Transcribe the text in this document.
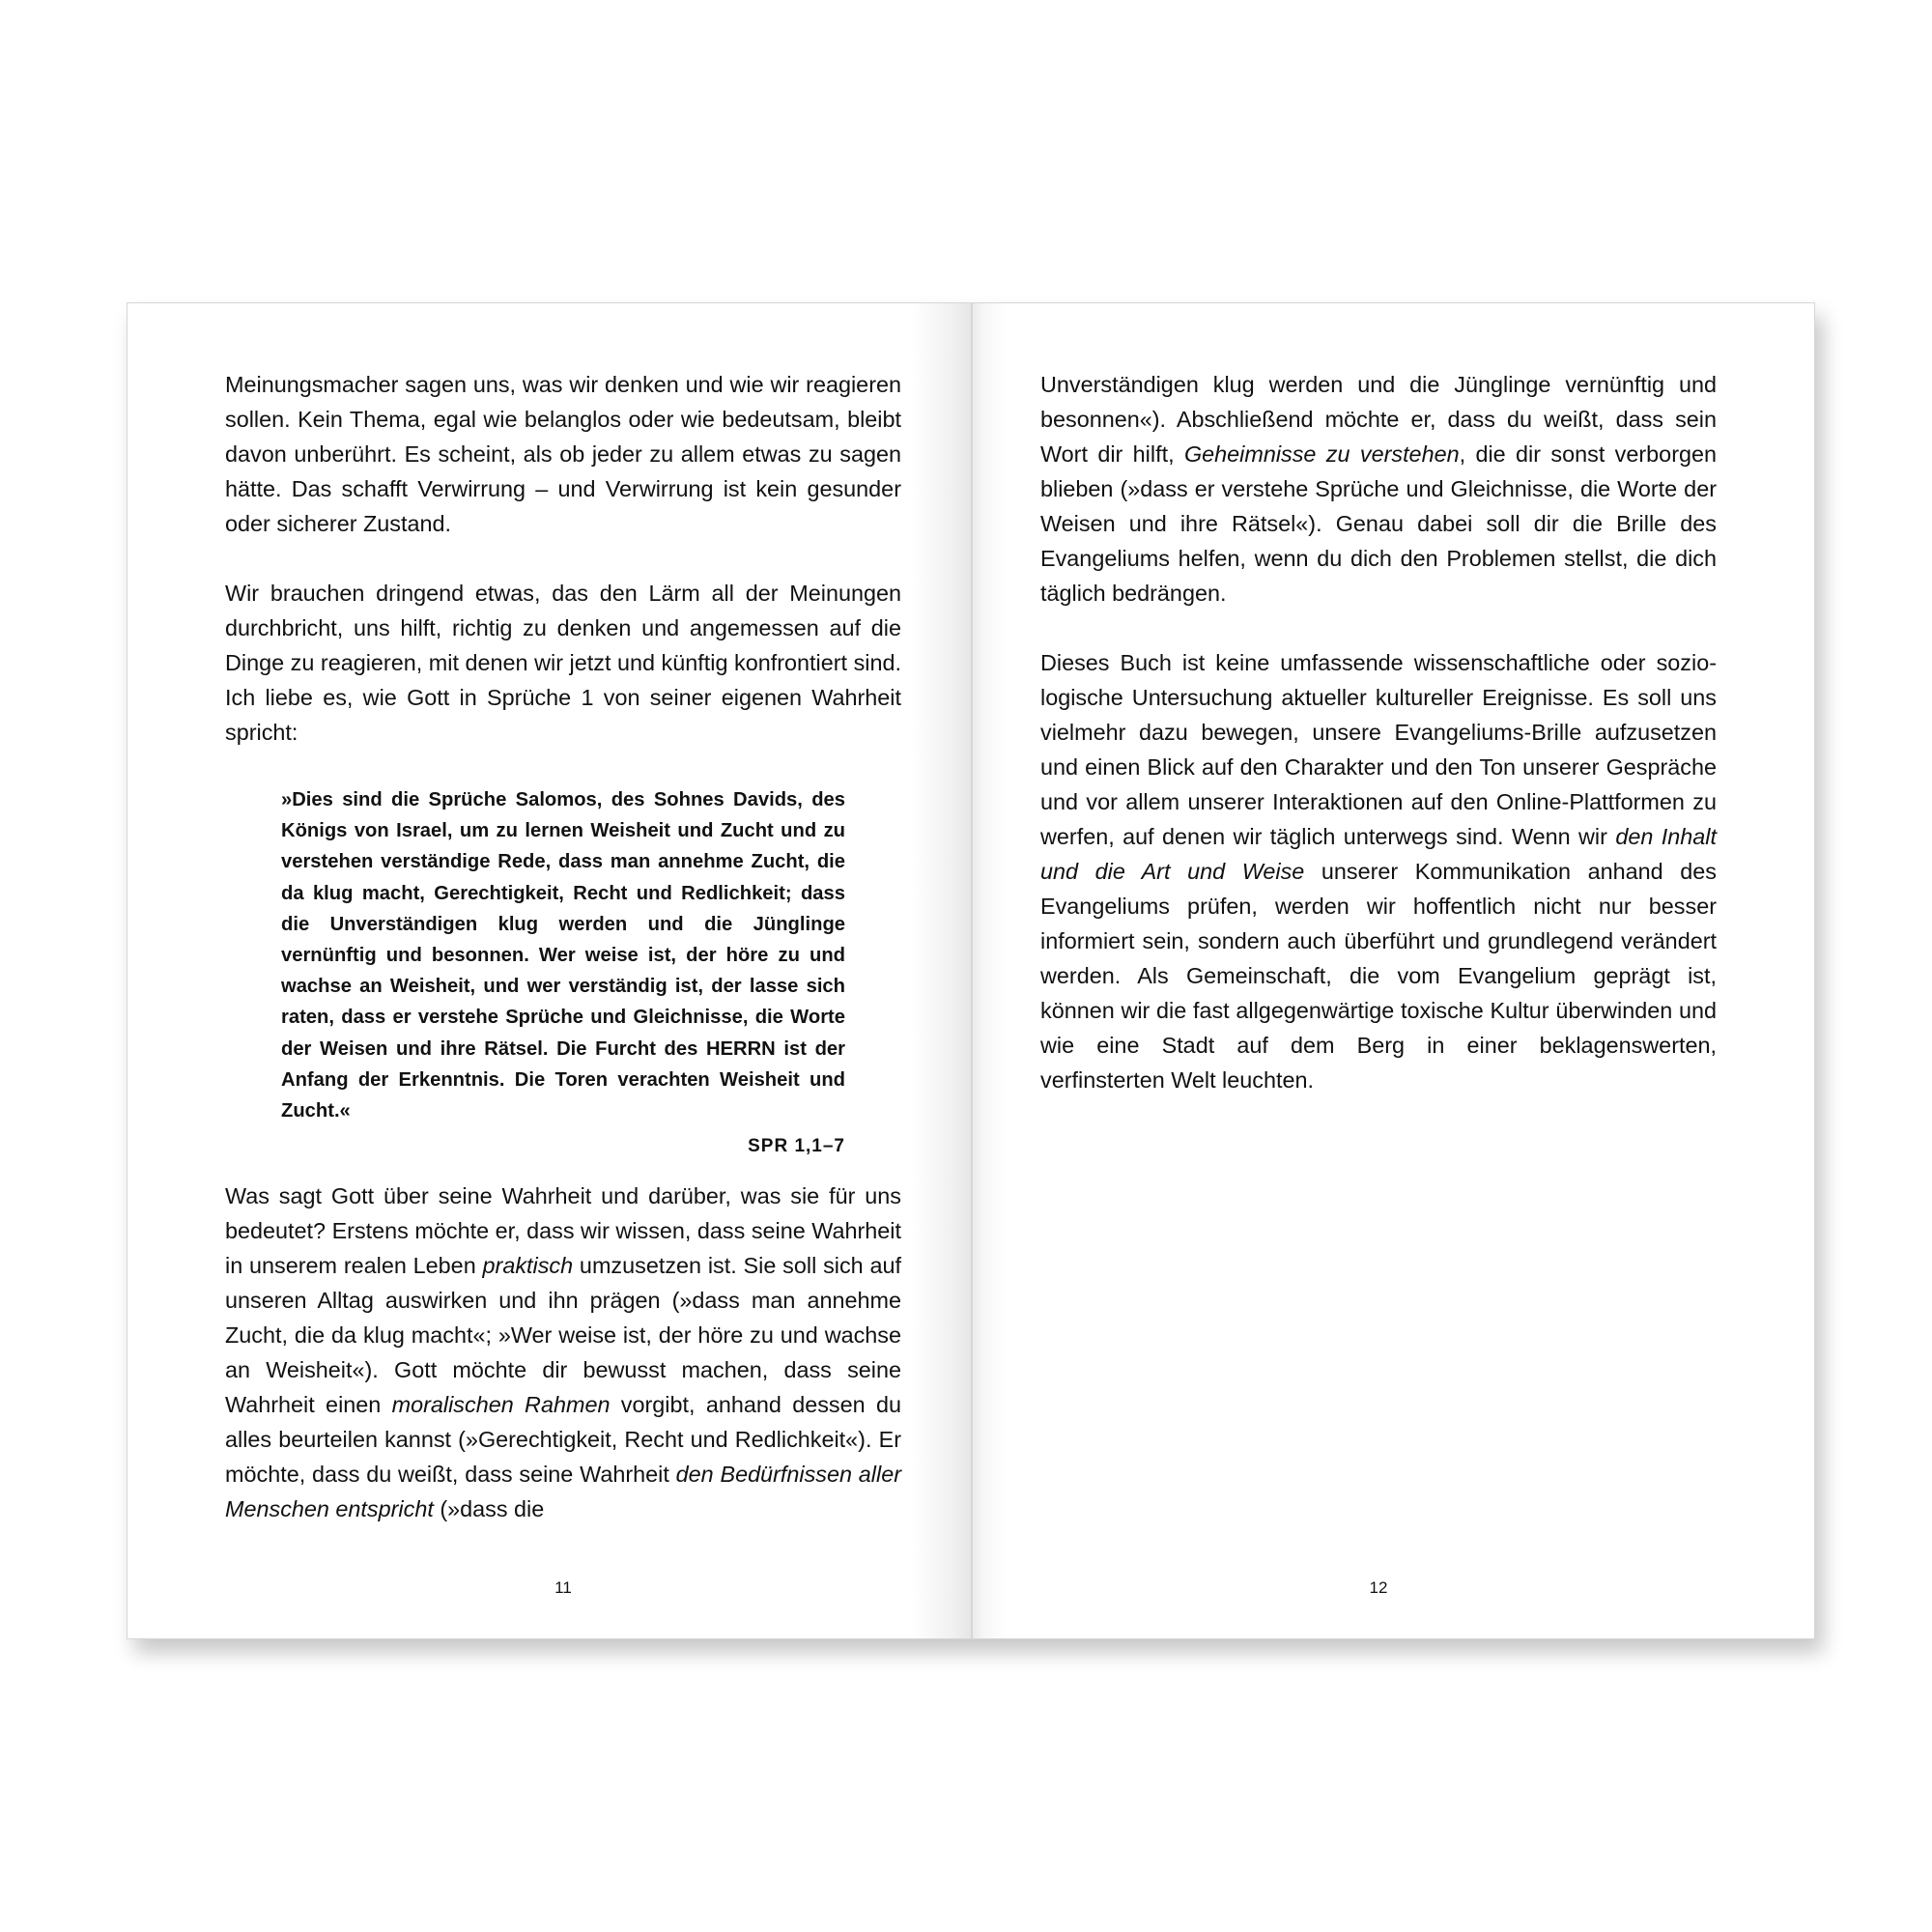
Meinungsmacher sagen uns, was wir denken und wie wir reagieren sollen. Kein Thema, egal wie belanglos oder wie bedeutsam, bleibt davon unberührt. Es scheint, als ob jeder zu allem etwas zu sagen hätte. Das schafft Verwirrung – und Verwirrung ist kein gesunder oder sicherer Zustand.

Wir brauchen dringend etwas, das den Lärm all der Meinungen durchbricht, uns hilft, richtig zu denken und angemessen auf die Dinge zu reagieren, mit denen wir jetzt und künftig konfrontiert sind. Ich liebe es, wie Gott in Sprüche 1 von seiner eigenen Wahrheit spricht:

»Dies sind die Sprüche Salomos, des Sohnes Davids, des Königs von Israel, um zu lernen Weisheit und Zucht und zu verstehen verständige Rede, dass man annehme Zucht, die da klug macht, Gerechtigkeit, Recht und Redlichkeit; dass die Unverständigen klug werden und die Jünglinge vernünftig und besonnen. Wer weise ist, der höre zu und wachse an Weisheit, und wer verständig ist, der lasse sich raten, dass er verstehe Sprüche und Gleichnisse, die Worte der Weisen und ihre Rätsel. Die Furcht des HERRN ist der Anfang der Erkenntnis. Die Toren verachten Weisheit und Zucht.«

SPR 1,1–7

Was sagt Gott über seine Wahrheit und darüber, was sie für uns bedeutet? Erstens möchte er, dass wir wissen, dass seine Wahrheit in unserem realen Leben praktisch umzusetzen ist. Sie soll sich auf unseren Alltag auswirken und ihn prägen (»dass man annehme Zucht, die da klug macht«; »Wer weise ist, der höre zu und wachse an Weisheit«). Gott möchte dir bewusst machen, dass seine Wahrheit einen moralischen Rahmen vorgibt, anhand dessen du alles beurteilen kannst (»Gerechtigkeit, Recht und Redlichkeit«). Er möchte, dass du weißt, dass seine Wahrheit den Bedürfnissen aller Menschen entspricht (»dass die

11

Unverständigen klug werden und die Jünglinge vernünftig und besonnen«). Abschließend möchte er, dass du weißt, dass sein Wort dir hilft, Geheimnisse zu verstehen, die dir sonst verborgen blieben (»dass er verstehe Sprüche und Gleichnisse, die Worte der Weisen und ihre Rätsel«). Genau dabei soll dir die Brille des Evangeliums helfen, wenn du dich den Problemen stellst, die dich täglich bedrängen.

Dieses Buch ist keine umfassende wissenschaftliche oder soziologische Untersuchung aktueller kultureller Ereignisse. Es soll uns vielmehr dazu bewegen, unsere Evangeliums-Brille aufzusetzen und einen Blick auf den Charakter und den Ton unserer Gespräche und vor allem unserer Interaktionen auf den Online-Plattformen zu werfen, auf denen wir täglich unterwegs sind. Wenn wir den Inhalt und die Art und Weise unserer Kommunikation anhand des Evangeliums prüfen, werden wir hoffentlich nicht nur besser informiert sein, sondern auch überführt und grundlegend verändert werden. Als Gemeinschaft, die vom Evangelium geprägt ist, können wir die fast allgegenwärtige toxische Kultur überwinden und wie eine Stadt auf dem Berg in einer beklagenswerten, verfinsterten Welt leuchten.

12
